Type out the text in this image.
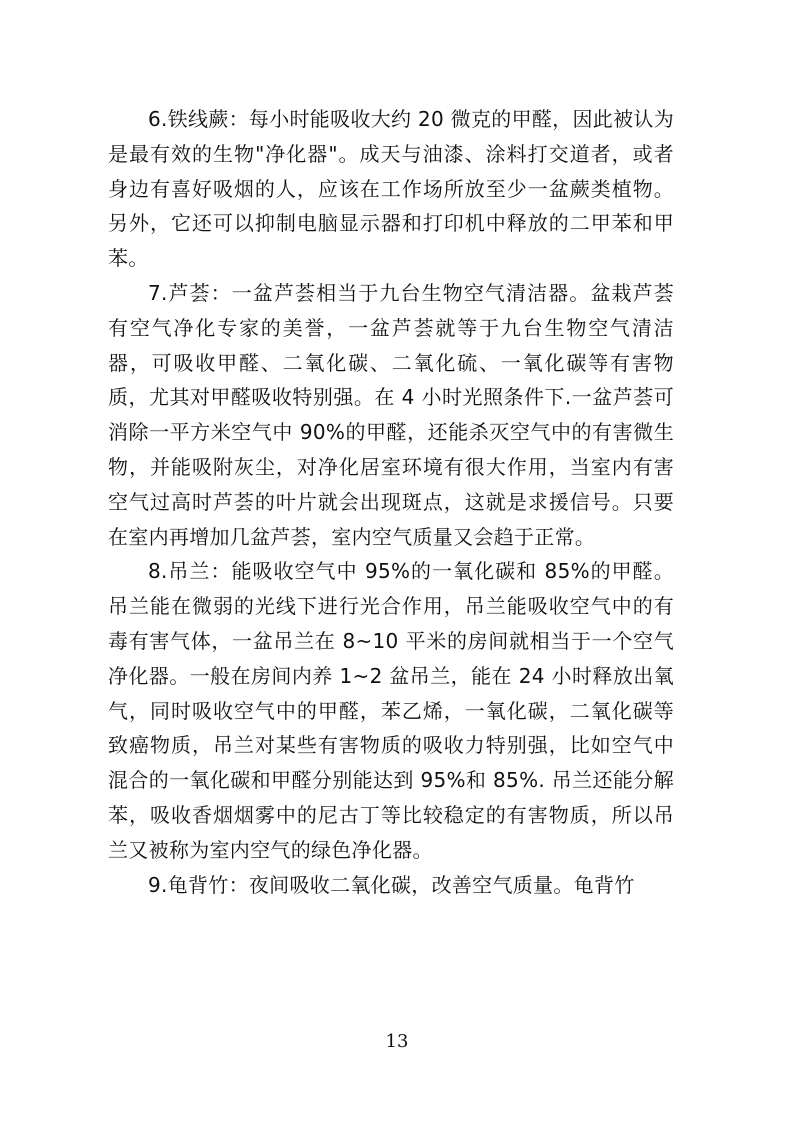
6.铁线蕨：每小时能吸收大约 20 微克的甲醛，因此被认为是最有效的生物"净化器"。成天与油漆、涂料打交道者，或者身边有喜好吸烟的人，应该在工作场所放至少一盆蕨类植物。另外，它还可以抑制电脑显示器和打印机中释放的二甲苯和甲苯。

7.芦荟：一盆芦荟相当于九台生物空气清洁器。盆栽芦荟有空气净化专家的美誉，一盆芦荟就等于九台生物空气清洁器，可吸收甲醛、二氧化碳、二氧化硫、一氧化碳等有害物质，尤其对甲醛吸收特别强。在 4 小时光照条件下.一盆芦荟可消除一平方米空气中 90%的甲醛，还能杀灭空气中的有害微生物，并能吸附灰尘，对净化居室环境有很大作用，当室内有害空气过高时芦荟的叶片就会出现斑点，这就是求援信号。只要在室内再增加几盆芦荟，室内空气质量又会趋于正常。

8.吊兰：能吸收空气中 95%的一氧化碳和 85%的甲醛。吊兰能在微弱的光线下进行光合作用，吊兰能吸收空气中的有毒有害气体，一盆吊兰在 8~10 平米的房间就相当于一个空气净化器。一般在房间内养 1~2 盆吊兰，能在 24 小时释放出氧气，同时吸收空气中的甲醛，苯乙烯，一氧化碳，二氧化碳等致癌物质，吊兰对某些有害物质的吸收力特别强，比如空气中混合的一氧化碳和甲醛分别能达到 95%和 85%. 吊兰还能分解苯，吸收香烟烟雾中的尼古丁等比较稳定的有害物质，所以吊兰又被称为室内空气的绿色净化器。

9.龟背竹：夜间吸收二氧化碳，改善空气质量。龟背竹

13
